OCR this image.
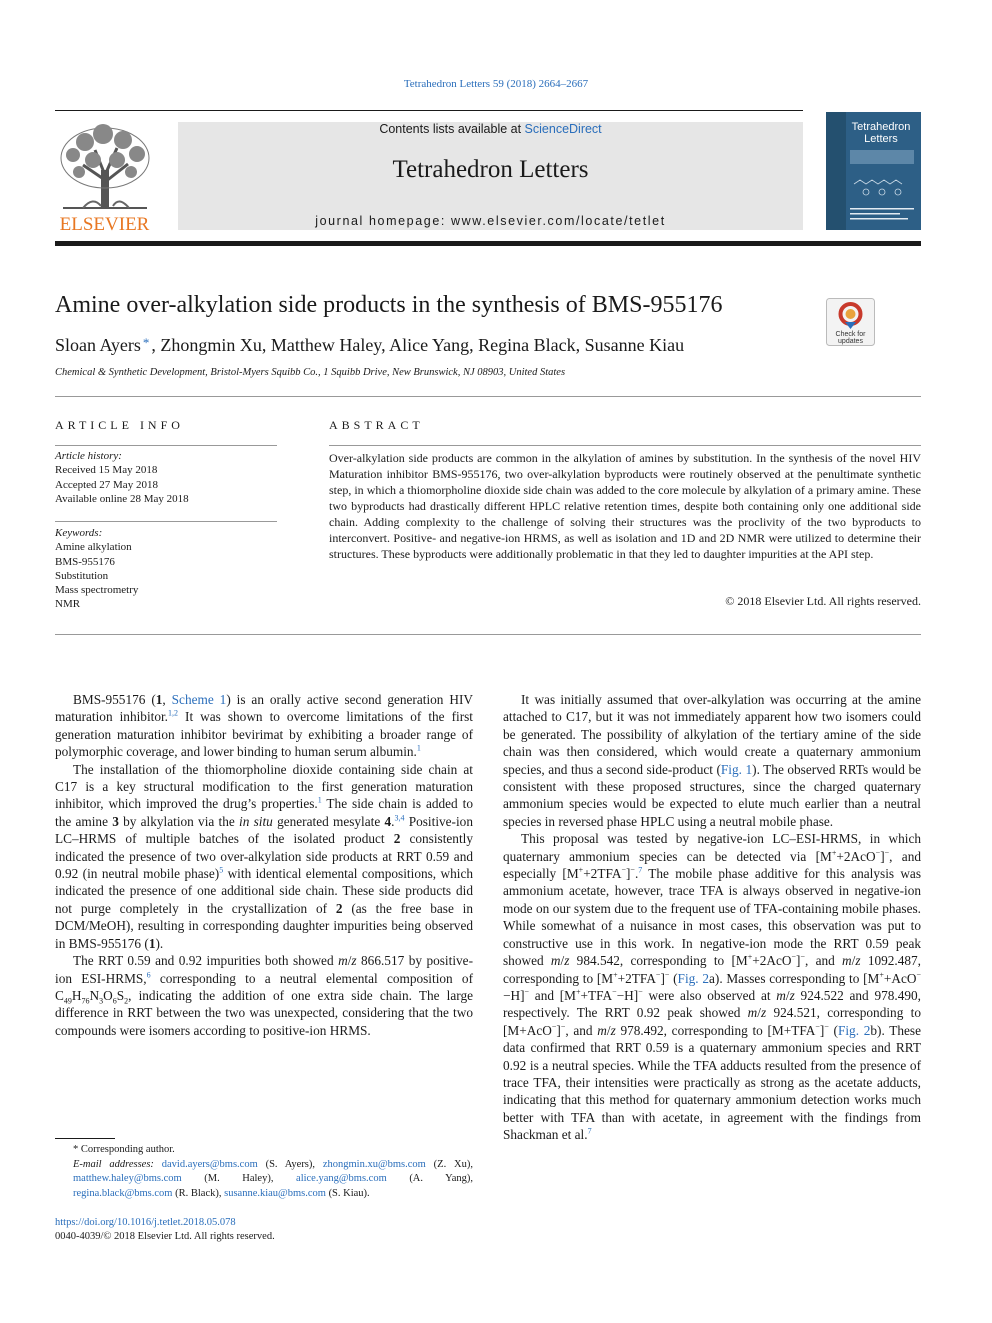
Tetrahedron Letters 59 (2018) 2664–2667
ELSEVIER
Contents lists available at ScienceDirect
Tetrahedron Letters
journal homepage: www.elsevier.com/locate/tetlet
Tetrahedron
Letters
Amine over-alkylation side products in the synthesis of BMS-955176
Check for
updates
Sloan Ayers * , Zhongmin Xu, Matthew Haley, Alice Yang, Regina Black, Susanne Kiau
Chemical & Synthetic Development, Bristol-Myers Squibb Co., 1 Squibb Drive, New Brunswick, NJ 08903, United States
ARTICLE INFO
Article history:
Received 15 May 2018
Accepted 27 May 2018
Available online 28 May 2018
Keywords:
Amine alkylation
BMS-955176
Substitution
Mass spectrometry
NMR
ABSTRACT
Over-alkylation side products are common in the alkylation of amines by substitution. In the synthesis of the novel HIV Maturation inhibitor BMS-955176, two over-alkylation byproducts were routinely observed at the penultimate synthetic step, in which a thiomorpholine dioxide side chain was added to the core molecule by alkylation of a primary amine. These two byproducts had drastically different HPLC relative retention times, despite both containing only one additional side chain. Adding complexity to the challenge of solving their structures was the proclivity of the two byproducts to interconvert. Positive- and negative-ion HRMS, as well as isolation and 1D and 2D NMR were utilized to determine their structures. These byproducts were additionally problematic in that they led to daughter impurities at the API step.
© 2018 Elsevier Ltd. All rights reserved.

BMS-955176 (1, Scheme 1) is an orally active second generation HIV maturation inhibitor.$^{1,2}$ It was shown to overcome limitations of the first generation maturation inhibitor bevirimat by exhibiting a broader range of polymorphic coverage, and lower binding to human serum albumin.$^1$

The installation of the thiomorpholine dioxide containing side chain at C17 is a key structural modification to the first generation maturation inhibitor, which improved the drug’s properties.$^1$ The side chain is added to the amine 3 by alkylation via the in situ generated mesylate 4.$^{3,4}$ Positive-ion LC–HRMS of multiple batches of the isolated product 2 consistently indicated the presence of two over-alkylation side products at RRT 0.59 and 0.92 (in neutral mobile phase)$^5$ with identical elemental compositions, which indicated the presence of one additional side chain. These side products did not purge completely in the crystallization of 2 (as the free base in DCM/MeOH), resulting in corresponding daughter impurities being observed in BMS-955176 (1).

The RRT 0.59 and 0.92 impurities both showed m/z 866.517 by positive-ion ESI-HRMS,$^6$ corresponding to a neutral elemental composition of $C_{49}H_{76}N_3O_6S_2$, indicating the addition of one extra side chain. The large difference in RRT between the two was unexpected, considering that the two compounds were isomers according to positive-ion HRMS.

It was initially assumed that over-alkylation was occurring at the amine attached to C17, but it was not immediately apparent how two isomers could be generated. The possibility of alkylation of the tertiary amine of the side chain was then considered, which would create a quaternary ammonium species, and thus a second side-product (Fig. 1). The observed RRTs would be consistent with these proposed structures, since the charged quaternary ammonium species would be expected to elute much earlier than a neutral species in reversed phase HPLC using a neutral mobile phase.

This proposal was tested by negative-ion LC–ESI-HRMS, in which quaternary ammonium species can be detected via [M++2AcO−]−, and especially [M++2TFA−]−.$^7$ The mobile phase additive for this analysis was ammonium acetate, however, trace TFA is always observed in negative-ion mode on our system due to the frequent use of TFA-containing mobile phases. While somewhat of a nuisance in most cases, this observation was put to constructive use in this work. In negative-ion mode the RRT 0.59 peak showed m/z 984.542, corresponding to [M++2AcO−]−, and m/z 1092.487, corresponding to [M++2TFA−]− (Fig. 2a). Masses corresponding to [M++AcO−−H]− and [M++TFA−−H]− were also observed at m/z 924.522 and 978.490, respectively. The RRT 0.92 peak showed m/z 924.521, corresponding to [M+AcO−]−, and m/z 978.492, corresponding to [M+TFA−]− (Fig. 2b). These data confirmed that RRT 0.59 is a quaternary ammonium species and RRT 0.92 is a neutral species. While the TFA adducts resulted from the presence of trace TFA, their intensities were practically as strong as the acetate adducts, indicating that this method for quaternary ammonium detection works much better with TFA than with acetate, in agreement with the findings from Shackman et al.$^7$

* Corresponding author.
E-mail addresses: david.ayers@bms.com (S. Ayers), zhongmin.xu@bms.com (Z. Xu), matthew.haley@bms.com (M. Haley), alice.yang@bms.com (A. Yang), regina.black@bms.com (R. Black), susanne.kiau@bms.com (S. Kiau).
https://doi.org/10.1016/j.tetlet.2018.05.078
0040-4039/© 2018 Elsevier Ltd. All rights reserved.
